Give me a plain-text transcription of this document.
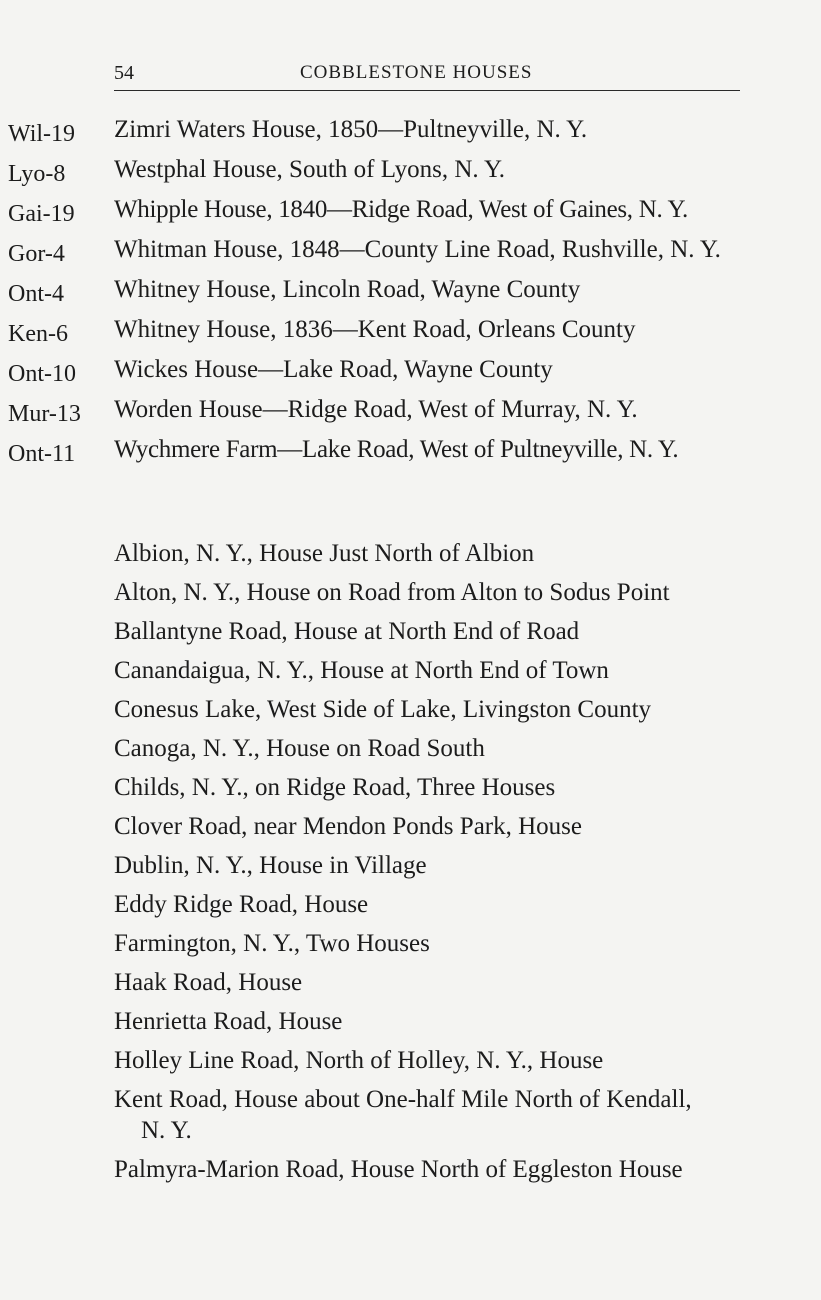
54	COBBLESTONE HOUSES
Wil-19 Zimri Waters House, 1850—Pultneyville, N. Y.
Lyo-8 Westphal House, South of Lyons, N. Y.
Gai-19 Whipple House, 1840—Ridge Road, West of Gaines, N. Y.
Gor-4 Whitman House, 1848—County Line Road, Rushville, N. Y.
Ont-4 Whitney House, Lincoln Road, Wayne County
Ken-6 Whitney House, 1836—Kent Road, Orleans County
Ont-10 Wickes House—Lake Road, Wayne County
Mur-13 Worden House—Ridge Road, West of Murray, N. Y.
Ont-11 Wychmere Farm—Lake Road, West of Pultneyville, N. Y.
Albion, N. Y., House Just North of Albion
Alton, N. Y., House on Road from Alton to Sodus Point
Ballantyne Road, House at North End of Road
Canandaigua, N. Y., House at North End of Town
Conesus Lake, West Side of Lake, Livingston County
Canoga, N. Y., House on Road South
Childs, N. Y., on Ridge Road, Three Houses
Clover Road, near Mendon Ponds Park, House
Dublin, N. Y., House in Village
Eddy Ridge Road, House
Farmington, N. Y., Two Houses
Haak Road, House
Henrietta Road, House
Holley Line Road, North of Holley, N. Y., House
Kent Road, House about One-half Mile North of Kendall, N. Y.
Palmyra-Marion Road, House North of Eggleston House
